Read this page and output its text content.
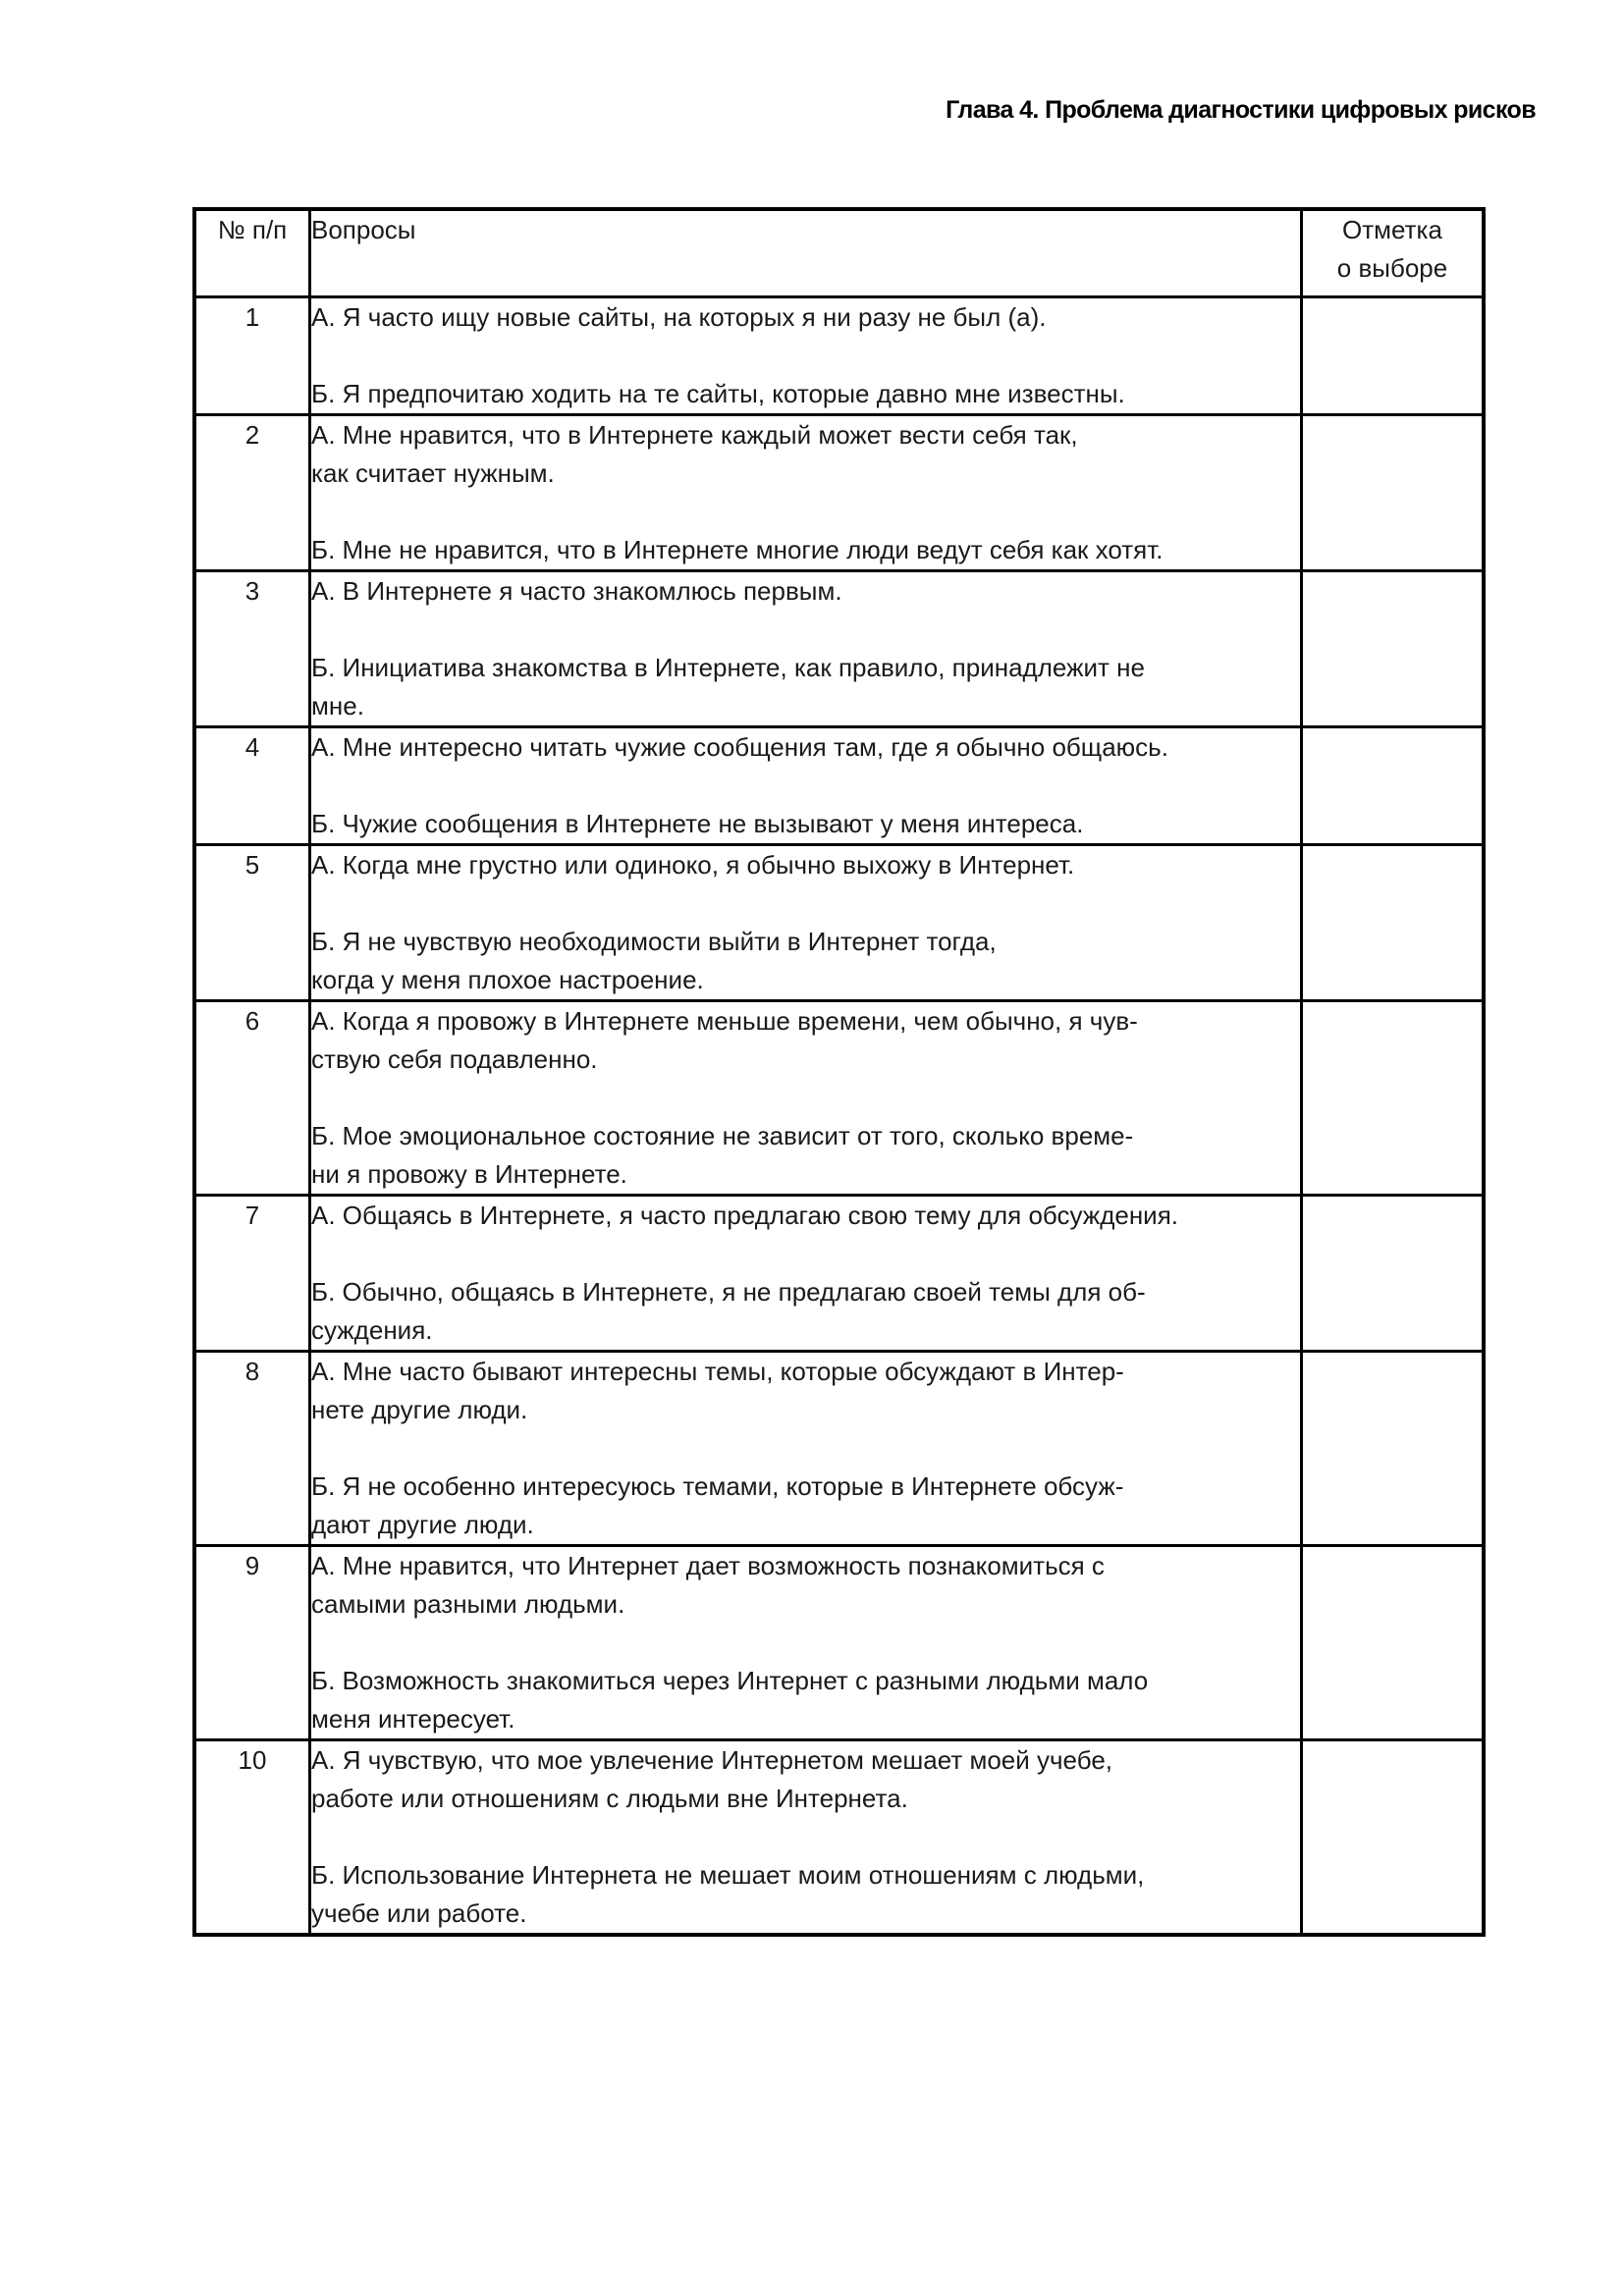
Глава 4. Проблема диагностики цифровых рисков
№ п/п	Вопросы	Отметка
о выборе

1	А. Я часто ищу новые сайты, на которых я ни разу не был (а).
Б. Я предпочитаю ходить на те сайты, которые давно мне известны.	

2	А. Мне нравится, что в Интернете каждый может вести себя так,
как считает нужным.
Б. Мне не нравится, что в Интернете многие люди ведут себя как хотят.	

3	А. В Интернете я часто знакомлюсь первым.
Б. Инициатива знакомства в Интернете, как правило, принадлежит не
мне.	

4	А. Мне интересно читать чужие сообщения там, где я обычно общаюсь.
Б. Чужие сообщения в Интернете не вызывают у меня интереса.	

5	А. Когда мне грустно или одиноко, я обычно выхожу в Интернет.
Б. Я не чувствую необходимости выйти в Интернет тогда,
когда у меня плохое настроение.	

6	А. Когда я провожу в Интернете меньше времени, чем обычно, я чув-
ствую себя подавленно.
Б. Мое эмоциональное состояние не зависит от того, сколько време-
ни я провожу в Интернете.	

7	А. Общаясь в Интернете, я часто предлагаю свою тему для обсуждения.
Б. Обычно, общаясь в Интернете, я не предлагаю своей темы для об-
суждения.	

8	А. Мне часто бывают интересны темы, которые обсуждают в Интер-
нете другие люди.
Б. Я не особенно интересуюсь темами, которые в Интернете обсуж-
дают другие люди.	

9	А. Мне нравится, что Интернет дает возможность познакомиться с
самыми разными людьми.
Б. Возможность знакомиться через Интернет с разными людьми мало
меня интересует.	

10	А. Я чувствую, что мое увлечение Интернетом мешает моей учебе,
работе или отношениям с людьми вне Интернета.
Б. Использование Интернета не мешает моим отношениям с людьми,
учебе или работе.	
